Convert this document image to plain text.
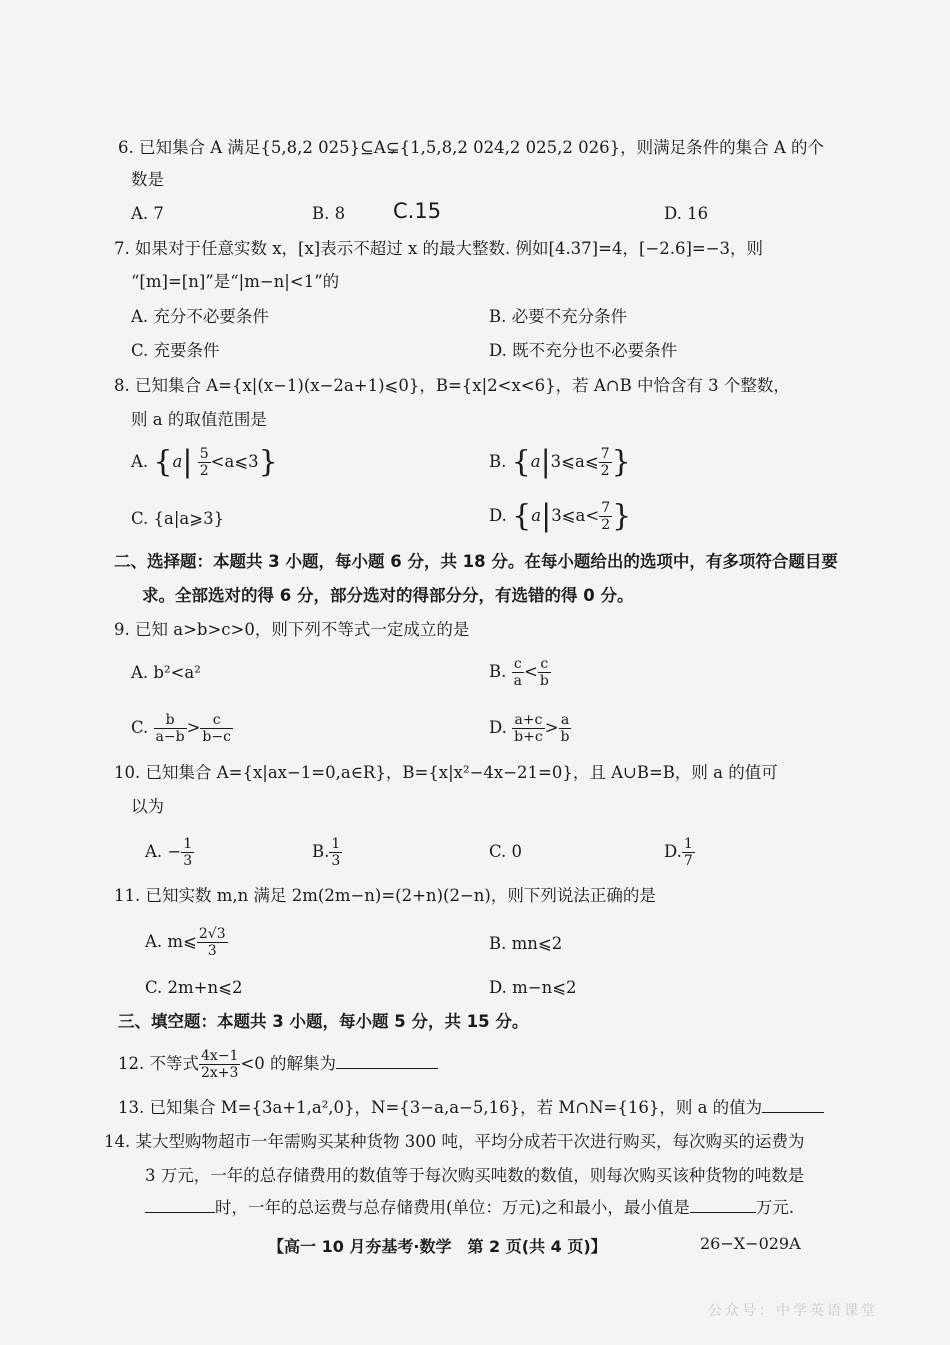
6. 已知集合 A 满足{5,8,2 025}⊆A⊊{1,5,8,2 024,2 025,2 026}，则满足条件的集合 A 的个
数是
A. 7	B. 8 C.15	D. 16
7. 如果对于任意实数 x，[x]表示不超过 x 的最大整数. 例如[4.37]=4，[−2.6]=−3，则
“[m]=[n]”是“|m−n|<1”的
A. 充分不必要条件	B. 必要不充分条件
C. 充要条件	D. 既不充分也不必要条件
8. 已知集合 A={x|(x−1)(x−2a+1)⩽0}，B={x|2<x<6}，若 A∩B 中恰含有 3 个整数，
则 a 的取值范围是
A. {$a| \frac{5}{2}$ <a⩽3}	B. {a|3⩽a⩽ $\frac{7}{2}$ }
C. {a|a⩾3}	D. {a|3⩽a< $\frac{7}{2}$ }
二、选择题：本题共 3 小题，每小题 6 分，共 18 分。在每小题给出的选项中，有多项符合题目要
求。全部选对的得 6 分，部分选对的得部分分，有选错的得 0 分。
9. 已知 a>b>c>0，则下列不等式一定成立的是
A. b²<a²	B. $\frac{c}{a} < \frac{c}{b}$
C. $\frac{b}{a-b} > \frac{c}{b-c}$	D. $\frac{a+c}{b+c} > \frac{a}{b}$
10. 已知集合 A={x|ax−1=0,a∈R}，B={x|x²−4x−21=0}，且 A∪B=B，则 a 的值可
以为
A. − $\frac{1}{3}$	B. $\frac{1}{3}$	C. 0	D. $\frac{1}{7}$
11. 已知实数 m,n 满足 2m(2m−n)=(2+n)(2−n)，则下列说法正确的是
A. m⩽ $\frac{2√3}{3}$	B. mn⩽2
C. 2m+n⩽2	D. m−n⩽2
三、填空题：本题共 3 小题，每小题 5 分，共 15 分。
12. 不等式 $\frac{4x-1}{2x+3} <0$ 的解集为
13. 已知集合 M={3a+1,a²,0}，N={3−a,a−5,16}，若 M∩N={16}，则 a 的值为
14. 某大型购物超市一年需购买某种货物 300 吨，平均分成若干次进行购买，每次购买的运费为
3 万元，一年的总存储费用的数值等于每次购买吨数的数值，则每次购买该种货物的吨数是
时，一年的总运费与总存储费用(单位：万元)之和最小，最小值是	万元.
【高一 10 月夯基考·数学　第 2 页(共 4 页)】	26−X−029A
公众号：中学英语课堂
